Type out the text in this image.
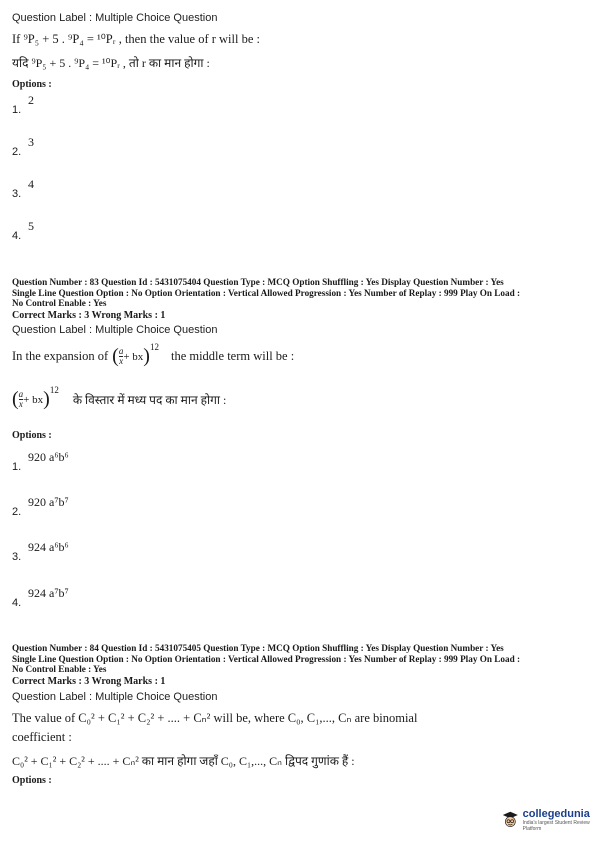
Question Label : Multiple Choice Question
If ⁹P₅ + 5 . ⁹P₄ = ¹⁰Pᵣ , then the value of r will be :
यदि ⁹P₅ + 5 . ⁹P₄ = ¹⁰Pᵣ , तो r का मान होगा :
Options :
1.
2
2.
3
3.
4
4.
5
Question Number : 83 Question Id : 5431075404 Question Type : MCQ Option Shuffling : Yes Display Question Number : Yes
Single Line Question Option : No Option Orientation : Vertical Allowed Progression : Yes Number of Replay : 999 Play On Load :
No Control Enable : Yes
Correct Marks : 3 Wrong Marks : 1
Question Label : Multiple Choice Question
In the expansion of ( $\frac{a}{x}$ + bx )$^{12}$
the middle term will be :
( $\frac{a}{x}$ + bx )$^{12}$
के विस्तार में मध्य पद का मान होगा :
Options :
1.
920 a⁶b⁶
2.
920 a⁷b⁷
3.
924 a⁶b⁶
4.
924 a⁷b⁷
Question Number : 84 Question Id : 5431075405 Question Type : MCQ Option Shuffling : Yes Display Question Number : Yes
Single Line Question Option : No Option Orientation : Vertical Allowed Progression : Yes Number of Replay : 999 Play On Load :
No Control Enable : Yes
Correct Marks : 3 Wrong Marks : 1
Question Label : Multiple Choice Question
The value of C₀² + C₁² + C₂² + .... + Cₙ² will be, where C₀, C₁,..., Cₙ are binomial
coefficient :
C₀² + C₁² + C₂² + .... + Cₙ² का मान होगा जहाँ C₀, C₁,..., Cₙ द्विपद गुणांक हैं :
Options :
collegedunia
India's largest Student Review Platform
